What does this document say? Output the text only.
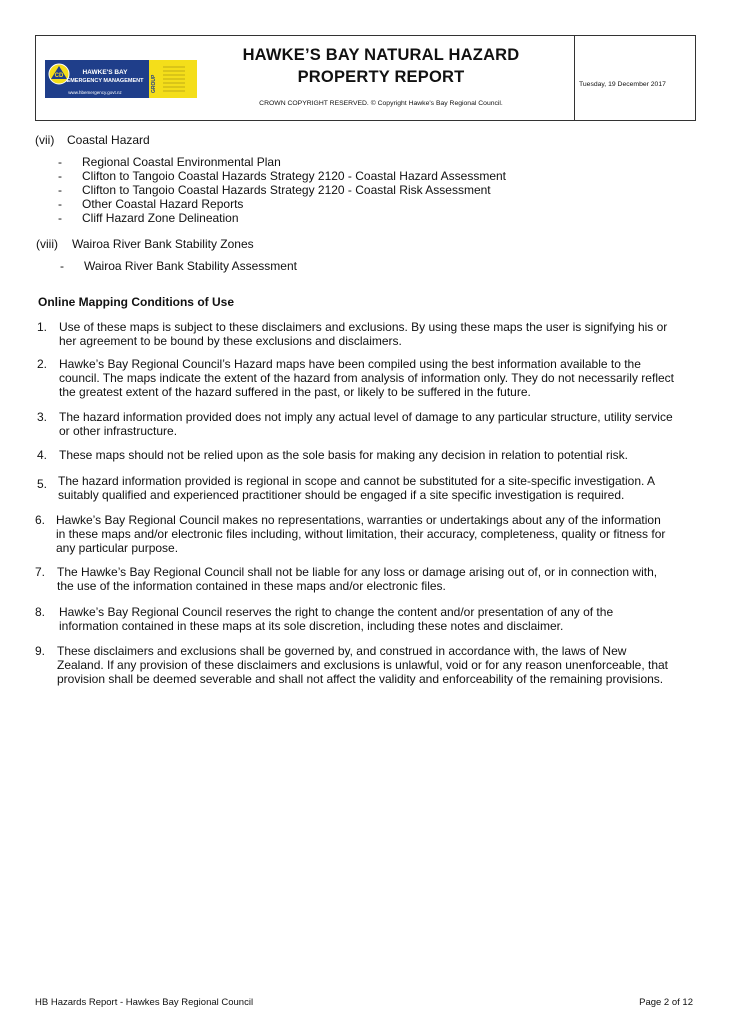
CD	HAWKE'S BAY
EMERGENCY MANAGEMENT
www.hbemergency.govt.nz	GROUP
HAWKE’S BAY NATURAL HAZARD
PROPERTY REPORT
CROWN COPYRIGHT RESERVED. © Copyright Hawke's Bay Regional Council.
Tuesday, 19 December 2017
(vii) Coastal Hazard
- Regional Coastal Environmental Plan
- Clifton to Tangoio Coastal Hazards Strategy 2120 - Coastal Hazard Assessment
- Clifton to Tangoio Coastal Hazards Strategy 2120 - Coastal Risk Assessment
- Other Coastal Hazard Reports
- Cliff Hazard Zone Delineation
(viii) Wairoa River Bank Stability Zones
- Wairoa River Bank Stability Assessment
Online Mapping Conditions of Use
1. Use of these maps is subject to these disclaimers and exclusions. By using these maps the user is signifying his or
her agreement to be bound by these exclusions and disclaimers.
2. Hawke’s Bay Regional Council’s Hazard maps have been compiled using the best information available to the
council. The maps indicate the extent of the hazard from analysis of information only. They do not necessarily reflect
the greatest extent of the hazard suffered in the past, or likely to be suffered in the future.
3. The hazard information provided does not imply any actual level of damage to any particular structure, utility service
or other infrastructure.
4. These maps should not be relied upon as the sole basis for making any decision in relation to potential risk.
5. The hazard information provided is regional in scope and cannot be substituted for a site-specific investigation. A
suitably qualified and experienced practitioner should be engaged if a site specific investigation is required.
6. Hawke’s Bay Regional Council makes no representations, warranties or undertakings about any of the information
in these maps and/or electronic files including, without limitation, their accuracy, completeness, quality or fitness for
any particular purpose.
7. The Hawke’s Bay Regional Council shall not be liable for any loss or damage arising out of, or in connection with,
the use of the information contained in these maps and/or electronic files.
8. Hawke’s Bay Regional Council reserves the right to change the content and/or presentation of any of the
information contained in these maps at its sole discretion, including these notes and disclaimer.
9. These disclaimers and exclusions shall be governed by, and construed in accordance with, the laws of New
Zealand. If any provision of these disclaimers and exclusions is unlawful, void or for any reason unenforceable, that
provision shall be deemed severable and shall not affect the validity and enforceability of the remaining provisions.
HB Hazards Report - Hawkes Bay Regional Council	Page 2 of 12
